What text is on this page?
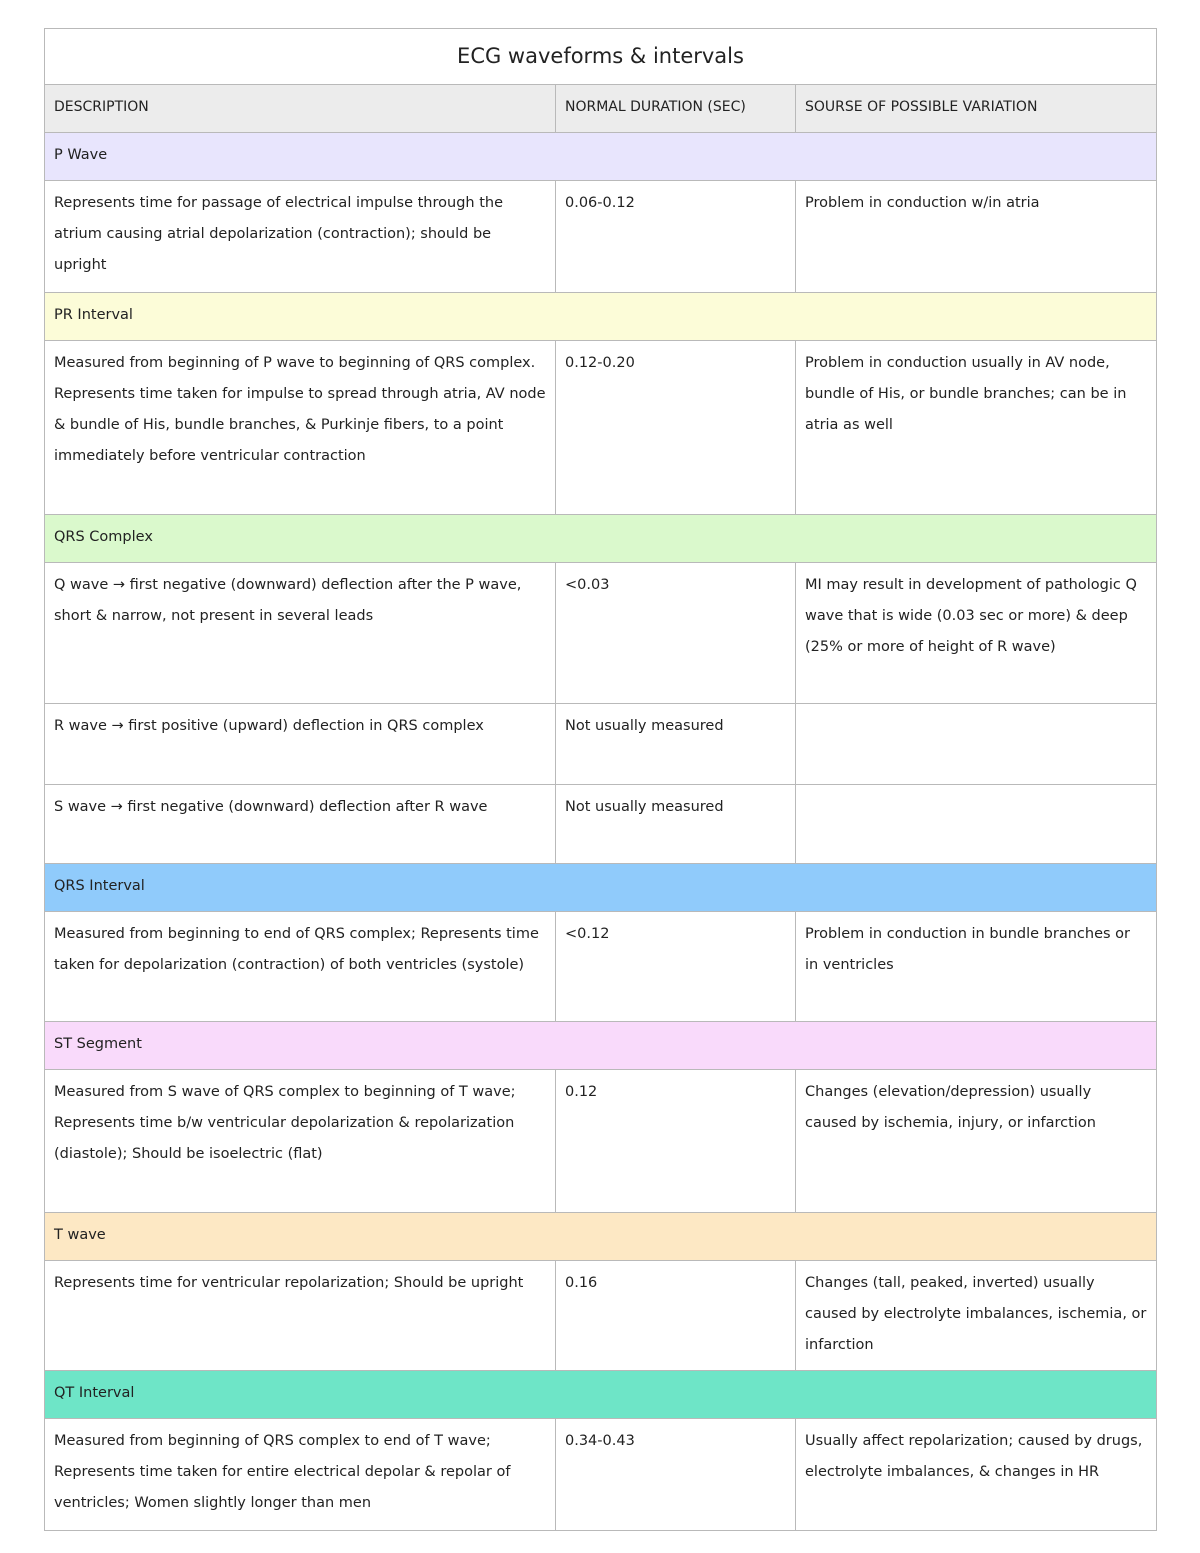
ECG waveforms & intervals		
DESCRIPTION	NORMAL DURATION (SEC)	SOURSE OF POSSIBLE VARIATION
P Wave		
Represents time for passage of electrical impulse through the atrium causing atrial depolarization (contraction); should be upright	0.06-0.12	Problem in conduction w/in atria
PR Interval		
Measured from beginning of P wave to beginning of QRS complex. Represents time taken for impulse to spread through atria, AV node & bundle of His, bundle branches, & Purkinje fibers, to a point immediately before ventricular contraction	0.12-0.20	Problem in conduction usually in AV node, bundle of His, or bundle branches; can be in atria as well
QRS Complex		
Q wave → first negative (downward) deflection after the P wave, short & narrow, not present in several leads	<0.03	MI may result in development of pathologic Q wave that is wide (0.03 sec or more) & deep (25% or more of height of R wave)
R wave → first positive (upward) deflection in QRS complex	Not usually measured	
S wave → first negative (downward) deflection after R wave	Not usually measured	
QRS Interval		
Measured from beginning to end of QRS complex; Represents time taken for depolarization (contraction) of both ventricles (systole)	<0.12	Problem in conduction in bundle branches or in ventricles
ST Segment		
Measured from S wave of QRS complex to beginning of T wave; Represents time b/w ventricular depolarization & repolarization (diastole); Should be isoelectric (flat)	0.12	Changes (elevation/depression) usually caused by ischemia, injury, or infarction
T wave		
Represents time for ventricular repolarization; Should be upright	0.16	Changes (tall, peaked, inverted) usually caused by electrolyte imbalances, ischemia, or infarction
QT Interval		
Measured from beginning of QRS complex to end of T wave; Represents time taken for entire electrical depolar & repolar of ventricles; Women slightly longer than men	0.34-0.43	Usually affect repolarization; caused by drugs, electrolyte imbalances, & changes in HR
